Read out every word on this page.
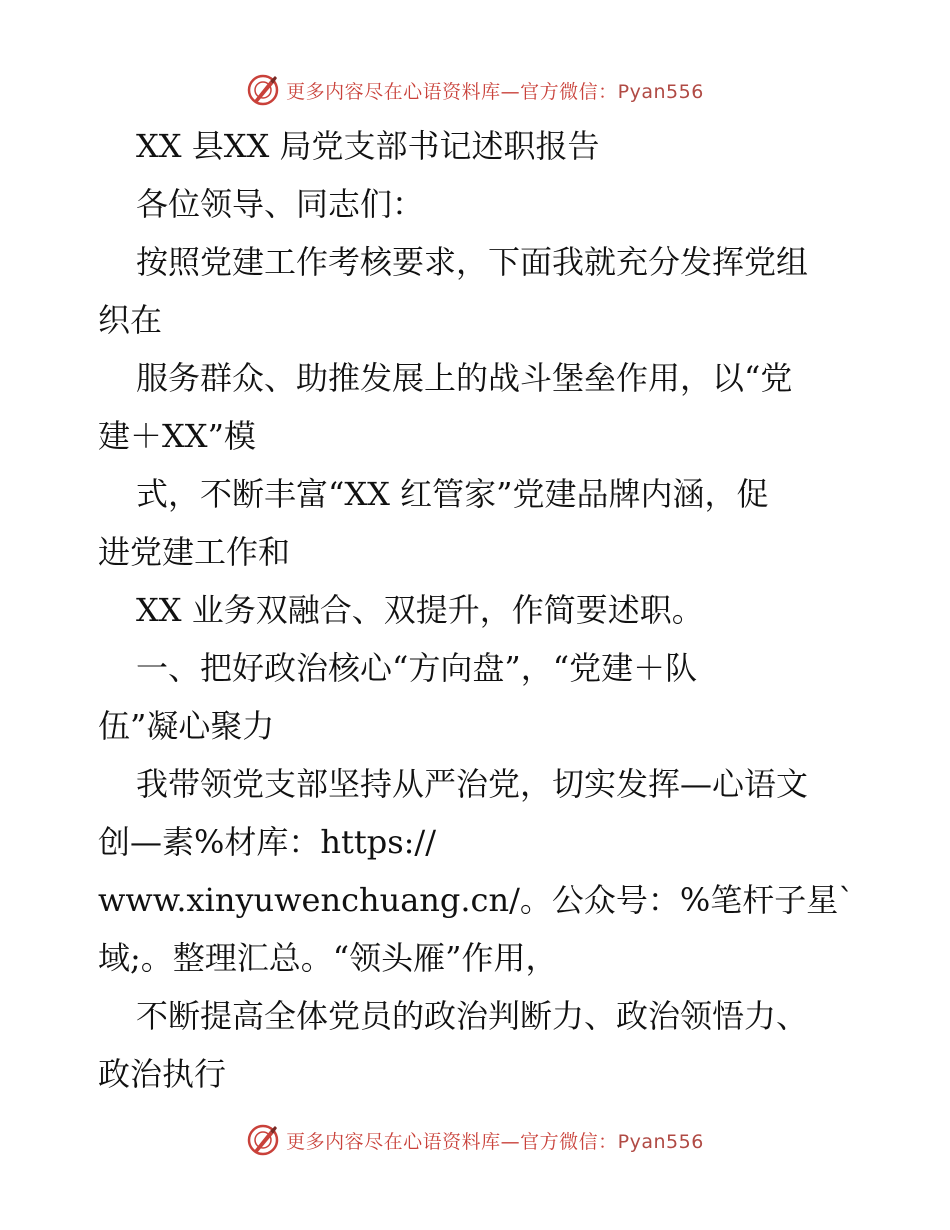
更多内容尽在心语资料库—官方微信：Pyan556
XX 县XX 局党支部书记述职报告
各位领导、同志们：
按照党建工作考核要求，下面我就充分发挥党组
织在
服务群众、助推发展上的战斗堡垒作用，以“党
建＋XX”模
式，不断丰富“XX 红管家”党建品牌内涵，促
进党建工作和
XX 业务双融合、双提升，作简要述职。
一、把好政治核心“方向盘”，“党建＋队
伍”凝心聚力
我带领党支部坚持从严治党，切实发挥—心语文
创—素%材库：https://
www.xinyuwenchuang.cn/。公众号：%笔杆子星`
域;。整理汇总。“领头雁”作用，
不断提高全体党员的政治判断力、政治领悟力、
政治执行
更多内容尽在心语资料库—官方微信：Pyan556
